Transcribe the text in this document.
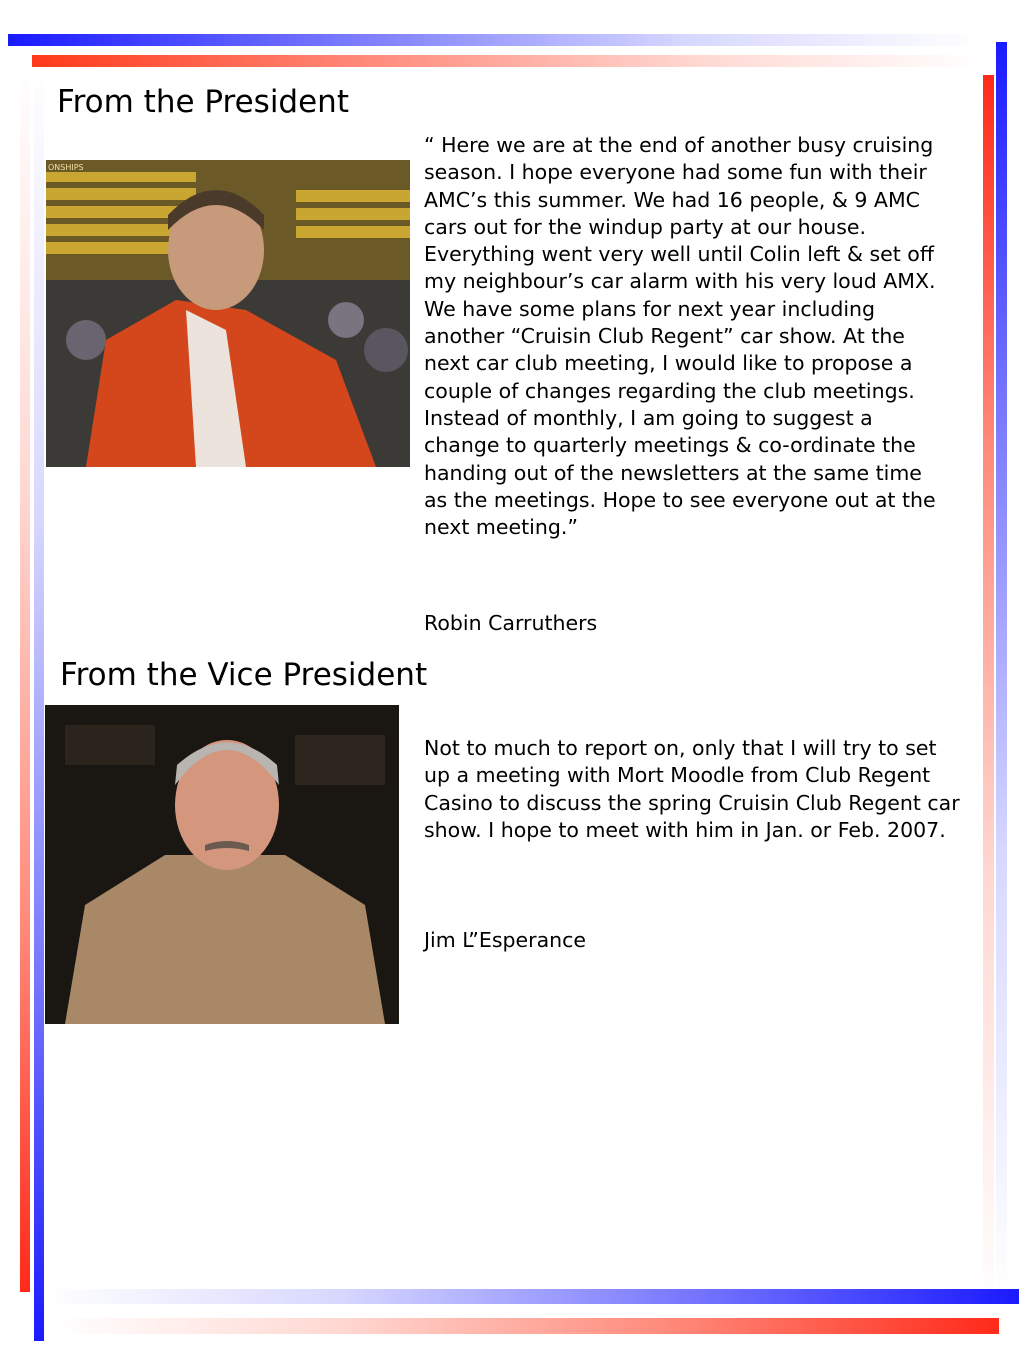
From the President
ONSHIPS

“ Here we are at the end of another busy cruising season. I hope everyone had some fun with their AMC’s this summer. We had 16 people, & 9 AMC cars out for the windup party at our house. Everything went very well until Colin left & set off my neighbour’s car alarm with his very loud AMX. We have some plans for next year including another “Cruisin Club Regent” car show. At the next car club meeting, I would like to propose a couple of changes regarding the club meetings. Instead of monthly, I am going to suggest a change to quarterly meetings & co-ordinate the handing out of the newsletters at the same time as the meetings. Hope to see everyone out at the next meeting.”

Robin Carruthers

From the Vice President

Not to much to report on, only that I will try to set up a meeting with Mort Moodle from Club Regent Casino to discuss the spring Cruisin Club Regent car show. I hope to meet with him in Jan. or Feb. 2007.

Jim L”Esperance
